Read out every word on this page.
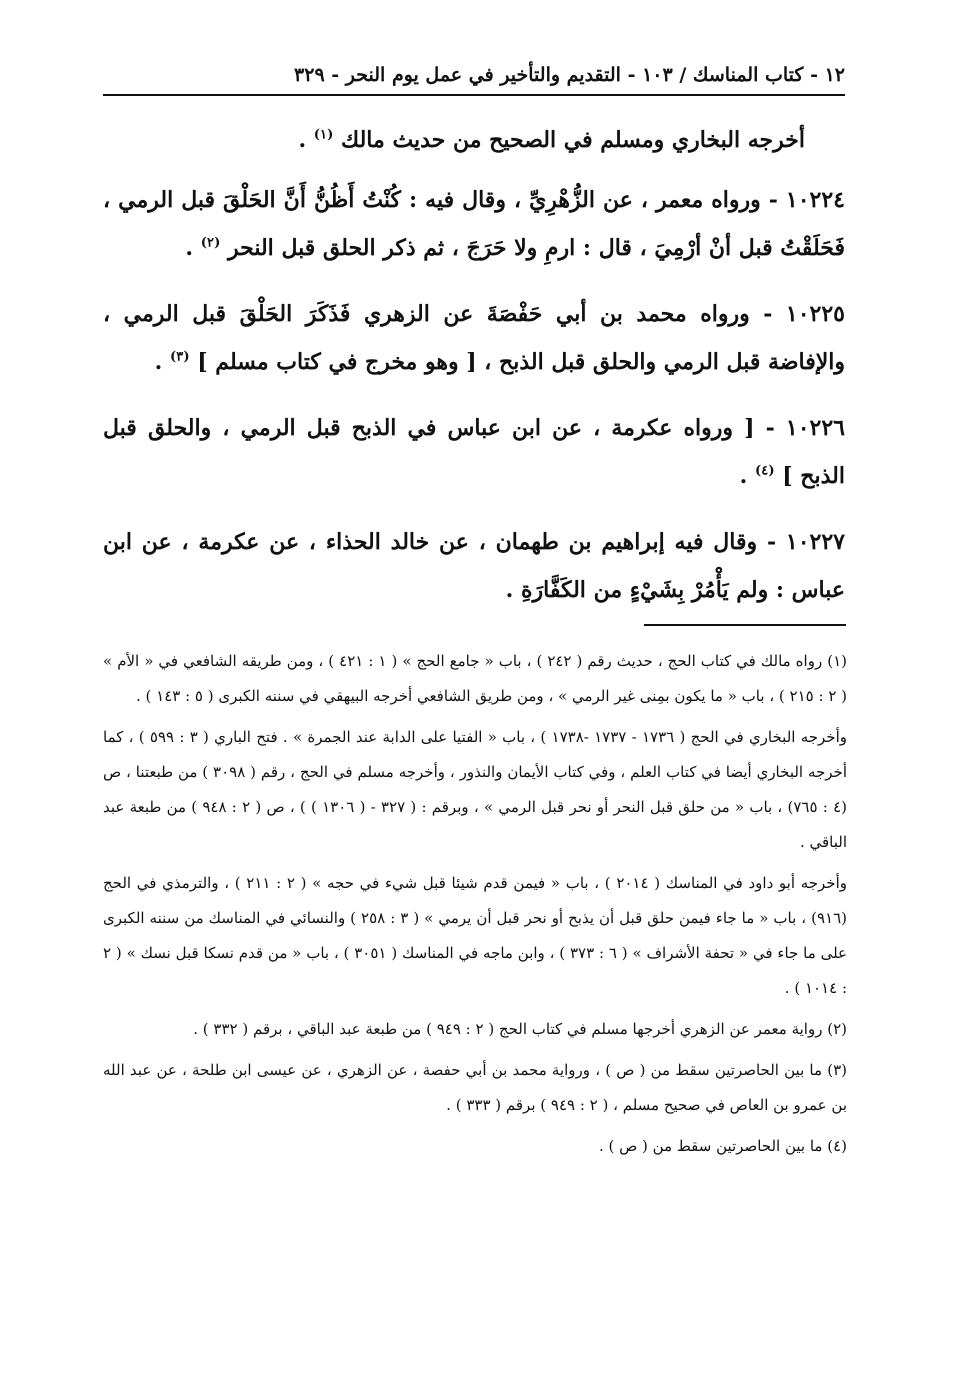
١٢ - كتاب المناسك / ١٠٣ - التقديم والتأخير في عمل يوم النحر - ٣٢٩

أخرجه البخاري ومسلم في الصحيح من حديث مالك $^{(١)}$ .

١٠٢٢٤ - ورواه معمر ، عن الزُّهْرِيِّ ، وقال فيه : كُنْتُ أَظُنُّ أَنَّ الحَلْقَ قبل الرمي ، فَحَلَقْتُ قبل أنْ أرْمِيَ ، قال : ارمِ ولا حَرَجَ ، ثم ذكر الحلق قبل النحر $^{(٢)}$ .

١٠٢٢٥ - ورواه محمد بن أبي حَفْصَةَ عن الزهري فَذَكَرَ الحَلْقَ قبل الرمي ، والإفاضة قبل الرمي والحلق قبل الذبح ، [ وهو مخرج في كتاب مسلم ] $^{(٣)}$ .

١٠٢٢٦ - [ ورواه عكرمة ، عن ابن عباس في الذبح قبل الرمي ، والحلق قبل الذبح ] $^{(٤)}$ .

١٠٢٢٧ - وقال فيه إبراهيم بن طهمان ، عن خالد الحذاء ، عن عكرمة ، عن ابن عباس : ولم يَأْمُرْ بِشَيْءٍ من الكَفَّارَةِ .

(١) رواه مالك في كتاب الحج ، حديث رقم ( ٢٤٢ ) ، باب « جامع الحج » ( ١ : ٤٢١ ) ، ومن طريقه الشافعي في « الأم » ( ٢ : ٢١٥ ) ، باب « ما يكون بمِنى غير الرمي » ، ومن طريق الشافعي أخرجه البيهقي في سننه الكبرى ( ٥ : ١٤٣ ) .

وأخرجه البخاري في الحج ( ١٧٣٦ - ١٧٣٧ -١٧٣٨ ) ، باب « الفتيا على الدابة عند الجمرة » . فتح الباري ( ٣ : ٥٩٩ ) ، كما أخرجه البخاري أيضا في كتاب العلم ، وفي كتاب الأيمان والنذور ، وأخرجه مسلم في الحج ، رقم ( ٣٠٩٨ ) من طبعتنا ، ص (٤ : ٧٦٥) ، باب « من حلق قبل النحر أو نحر قبل الرمي » ، وبرقم : ( ٣٢٧ - ( ١٣٠٦ ) ) ، ص ( ٢ : ٩٤٨ ) من طبعة عبد الباقي .

وأخرجه أبو داود في المناسك ( ٢٠١٤ ) ، باب « فيمن قدم شيئا قبل شيء في حجه » ( ٢ : ٢١١ ) ، والترمذي في الحج (٩١٦) ، باب « ما جاء فيمن حلق قبل أن يذبح أو نحر قبل أن يرمي » ( ٣ : ٢٥٨ ) والنسائي في المناسك من سننه الكبرى على ما جاء في « تحفة الأشراف » ( ٦ : ٣٧٣ ) ، وابن ماجه في المناسك ( ٣٠٥١ ) ، باب « من قدم نسكا قبل نسك » ( ٢ : ١٠١٤ ) .

(٢) رواية معمر عن الزهري أخرجها مسلم في كتاب الحج ( ٢ : ٩٤٩ ) من طبعة عبد الباقي ، برقم ( ٣٣٢ ) .

(٣) ما بين الحاصرتين سقط من ( ص ) ، ورواية محمد بن أبي حفصة ، عن الزهري ، عن عيسى ابن طلحة ، عن عبد الله بن عمرو بن العاص في صحيح مسلم ، ( ٢ : ٩٤٩ ) برقم ( ٣٣٣ ) .

(٤) ما بين الحاصرتين سقط من ( ص ) .
